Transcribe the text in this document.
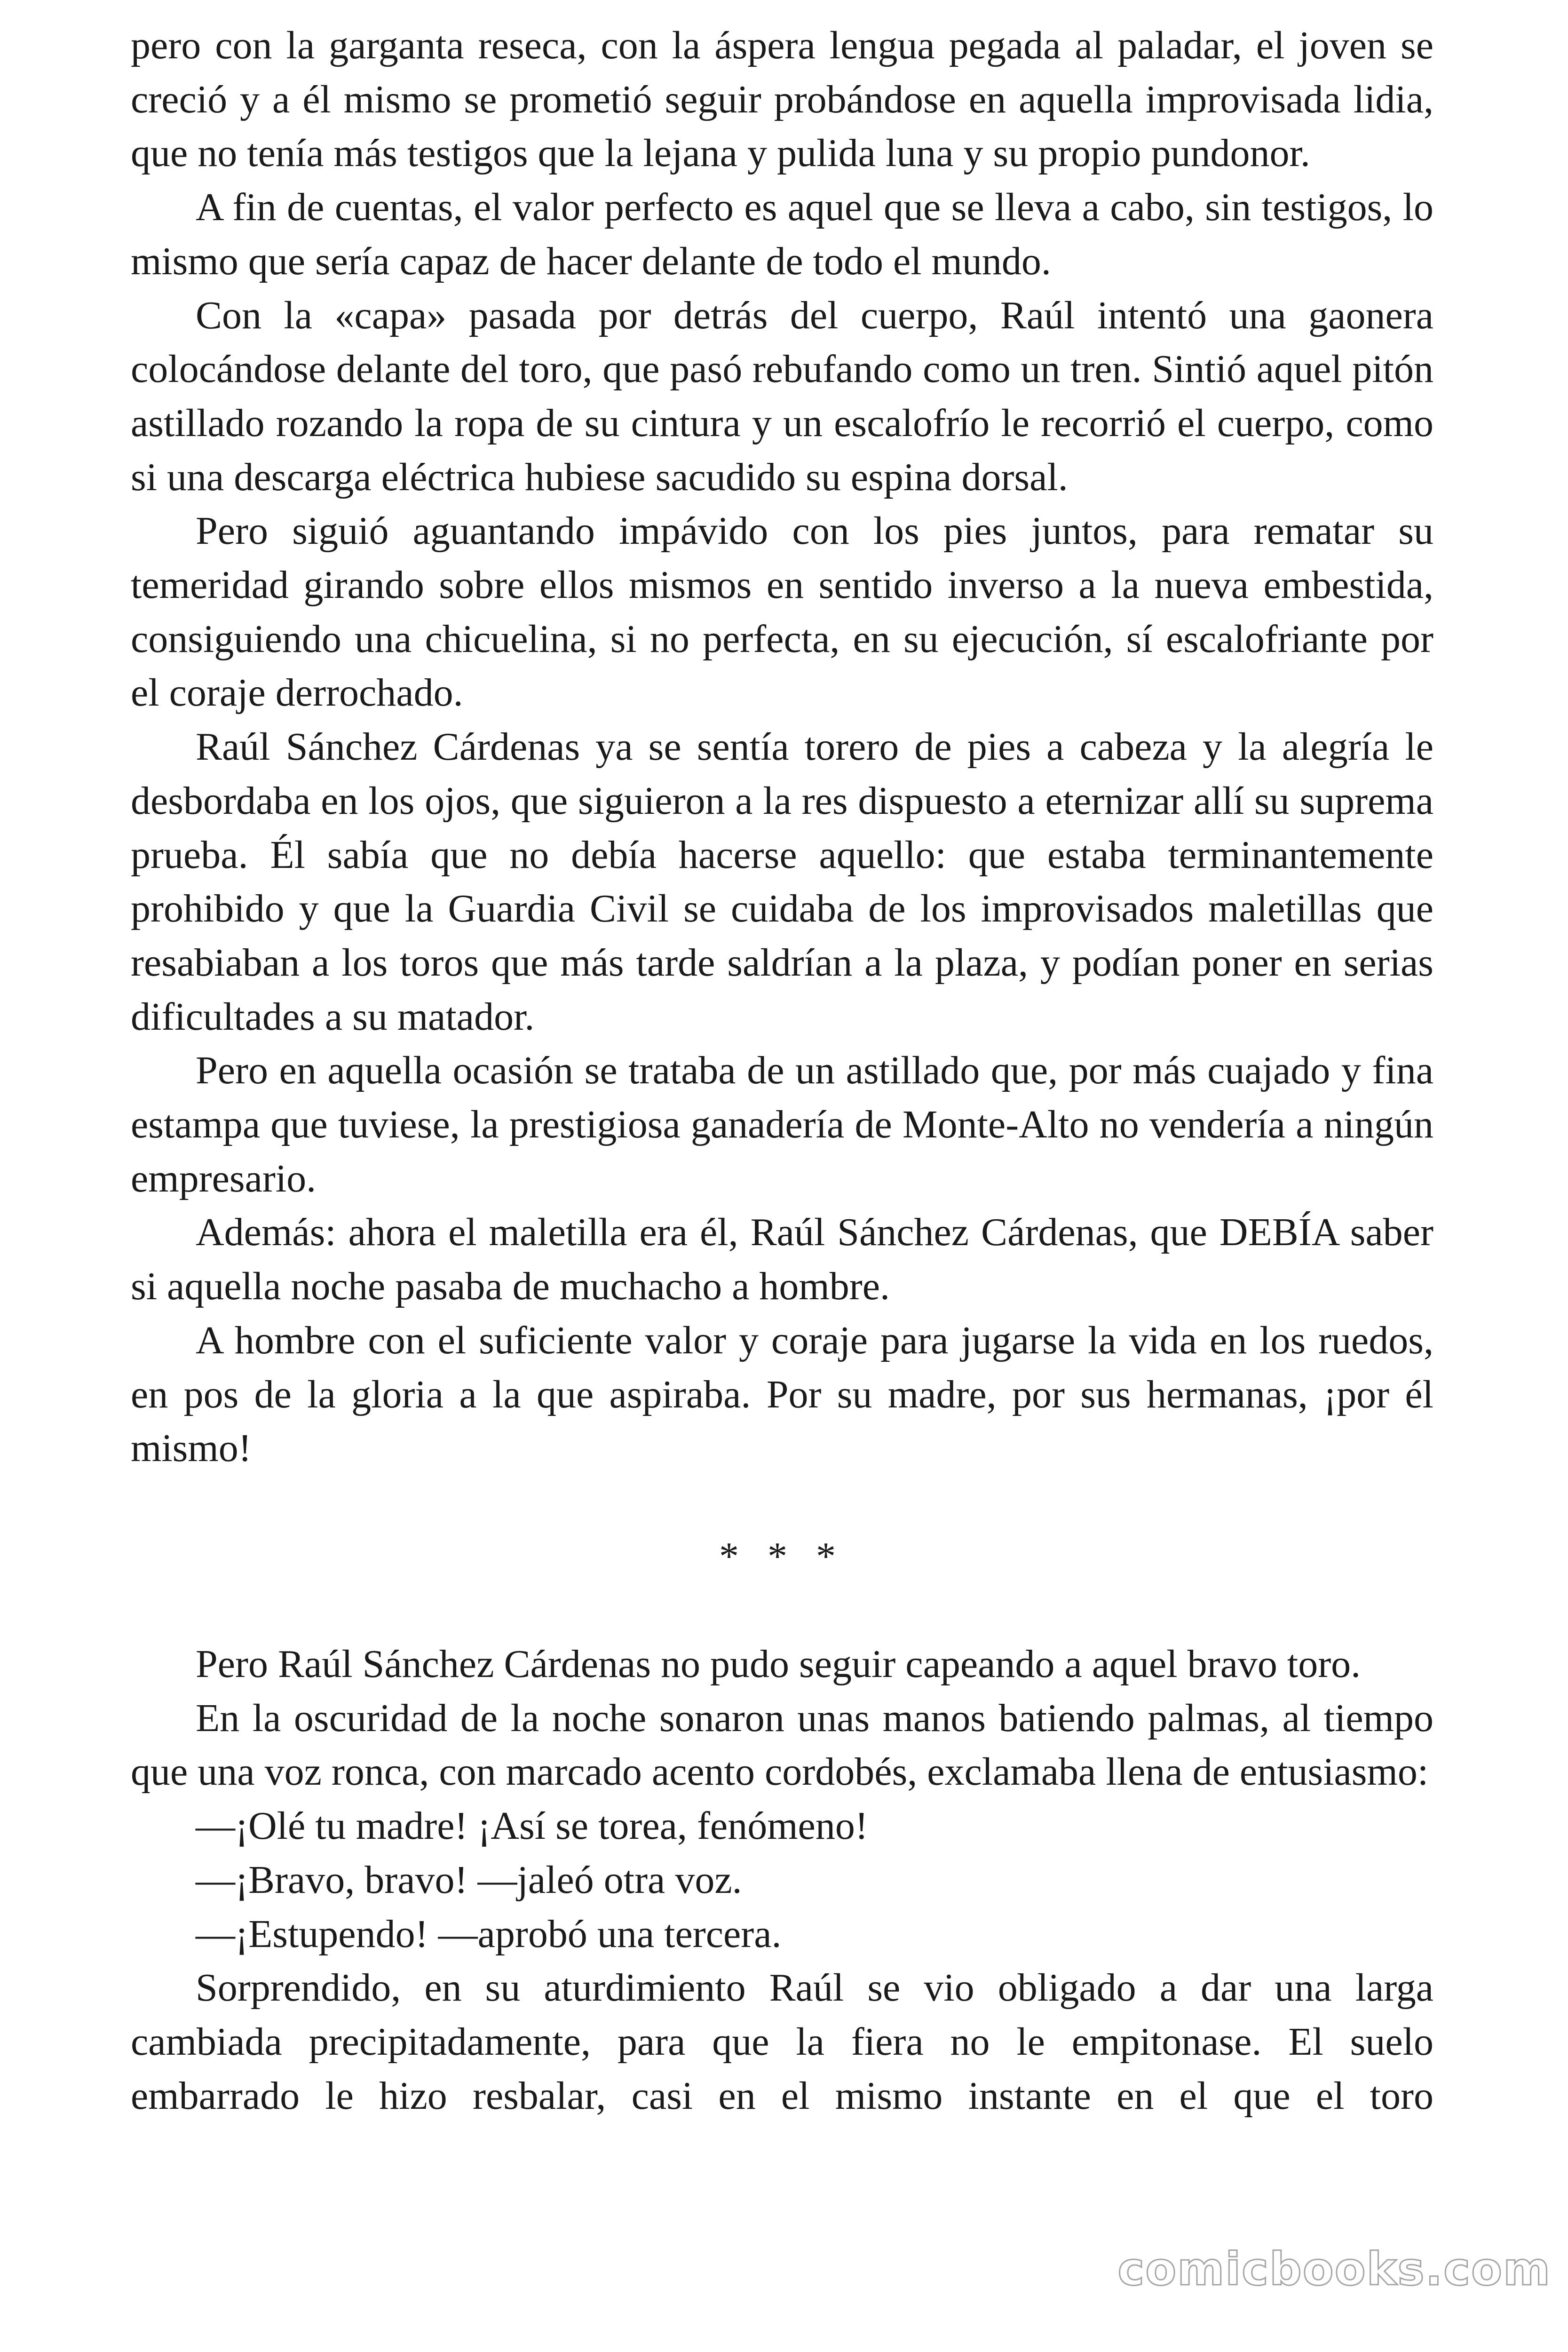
pero con la garganta reseca, con la áspera lengua pegada al paladar, el joven se creció y a él mismo se prometió seguir probándose en aquella improvisada lidia, que no tenía más testigos que la lejana y pulida luna y su propio pundonor.

A fin de cuentas, el valor perfecto es aquel que se lleva a cabo, sin testigos, lo mismo que sería capaz de hacer delante de todo el mundo.

Con la «capa» pasada por detrás del cuerpo, Raúl intentó una gaonera colocándose delante del toro, que pasó rebufando como un tren. Sintió aquel pitón astillado rozando la ropa de su cintura y un escalofrío le recorrió el cuerpo, como si una descarga eléctrica hubiese sacudido su espina dorsal.

Pero siguió aguantando impávido con los pies juntos, para rematar su temeridad girando sobre ellos mismos en sentido inverso a la nueva embestida, consiguiendo una chicuelina, si no perfecta, en su ejecución, sí escalofriante por el coraje derrochado.

Raúl Sánchez Cárdenas ya se sentía torero de pies a cabeza y la alegría le desbordaba en los ojos, que siguieron a la res dispuesto a eternizar allí su suprema prueba. Él sabía que no debía hacerse aquello: que estaba terminantemente prohibido y que la Guardia Civil se cuidaba de los improvisados maletillas que resabiaban a los toros que más tarde saldrían a la plaza, y podían poner en serias dificultades a su matador.

Pero en aquella ocasión se trataba de un astillado que, por más cuajado y fina estampa que tuviese, la prestigiosa ganadería de Monte-Alto no vendería a ningún empresario.

Además: ahora el maletilla era él, Raúl Sánchez Cárdenas, que DEBÍA saber si aquella noche pasaba de muchacho a hombre.

A hombre con el suficiente valor y coraje para jugarse la vida en los ruedos, en pos de la gloria a la que aspiraba. Por su madre, por sus hermanas, ¡por él mismo!

* * *

Pero Raúl Sánchez Cárdenas no pudo seguir capeando a aquel bravo toro.

En la oscuridad de la noche sonaron unas manos batiendo palmas, al tiempo que una voz ronca, con marcado acento cordobés, exclamaba llena de entusiasmo:

—¡Olé tu madre! ¡Así se torea, fenómeno!

—¡Bravo, bravo! —jaleó otra voz.

—¡Estupendo! —aprobó una tercera.

Sorprendido, en su aturdimiento Raúl se vio obligado a dar una larga cambiada precipitadamente, para que la fiera no le empitonase. El suelo embarrado le hizo resbalar, casi en el mismo instante en el que el toro

comicbooks.com
